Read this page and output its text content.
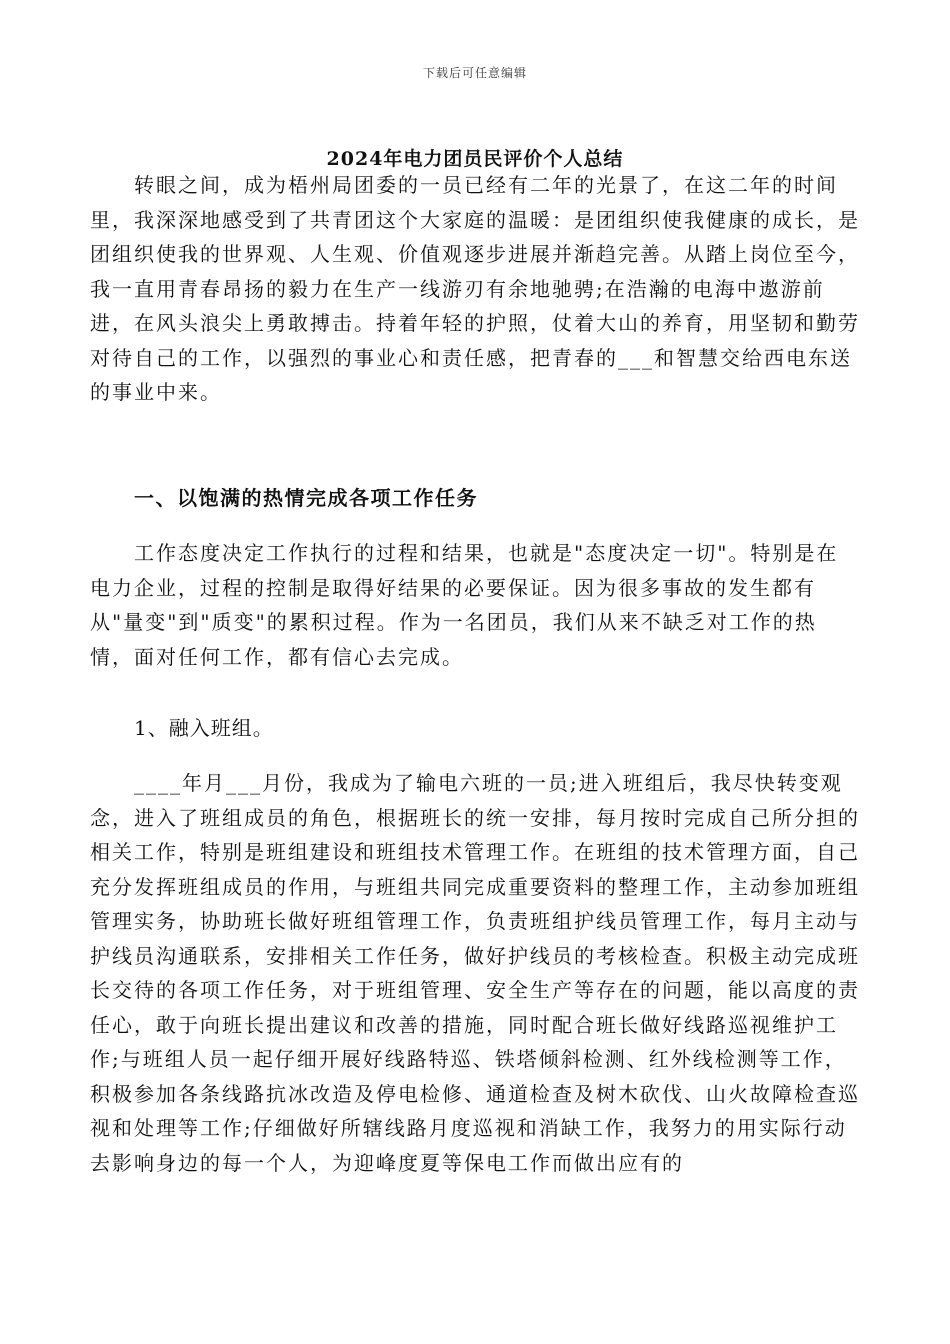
下载后可任意编辑
2024年电力团员民评价个人总结

转眼之间，成为梧州局团委的一员已经有二年的光景了，在这二年的时间里，我深深地感受到了共青团这个大家庭的温暖：是团组织使我健康的成长，是团组织使我的世界观、人生观、价值观逐步进展并渐趋完善。从踏上岗位至今，我一直用青春昂扬的毅力在生产一线游刃有余地驰骋;在浩瀚的电海中遨游前进，在风头浪尖上勇敢搏击。持着年轻的护照，仗着大山的养育，用坚韧和勤劳对待自己的工作，以强烈的事业心和责任感，把青春的___和智慧交给西电东送的事业中来。

一、以饱满的热情完成各项工作任务

工作态度决定工作执行的过程和结果，也就是"态度决定一切"。特别是在电力企业，过程的控制是取得好结果的必要保证。因为很多事故的发生都有从"量变"到"质变"的累积过程。作为一名团员，我们从来不缺乏对工作的热情，面对任何工作，都有信心去完成。

1、融入班组。

____年月___月份，我成为了输电六班的一员;进入班组后，我尽快转变观念，进入了班组成员的角色，根据班长的统一安排，每月按时完成自己所分担的相关工作，特别是班组建设和班组技术管理工作。在班组的技术管理方面，自己充分发挥班组成员的作用，与班组共同完成重要资料的整理工作，主动参加班组管理实务，协助班长做好班组管理工作，负责班组护线员管理工作，每月主动与护线员沟通联系，安排相关工作任务，做好护线员的考核检查。积极主动完成班长交待的各项工作任务，对于班组管理、安全生产等存在的问题，能以高度的责任心，敢于向班长提出建议和改善的措施，同时配合班长做好线路巡视维护工作;与班组人员一起仔细开展好线路特巡、铁塔倾斜检测、红外线检测等工作，积极参加各条线路抗冰改造及停电检修、通道检查及树木砍伐、山火故障检查巡视和处理等工作;仔细做好所辖线路月度巡视和消缺工作，我努力的用实际行动去影响身边的每一个人，为迎峰度夏等保电工作而做出应有的
